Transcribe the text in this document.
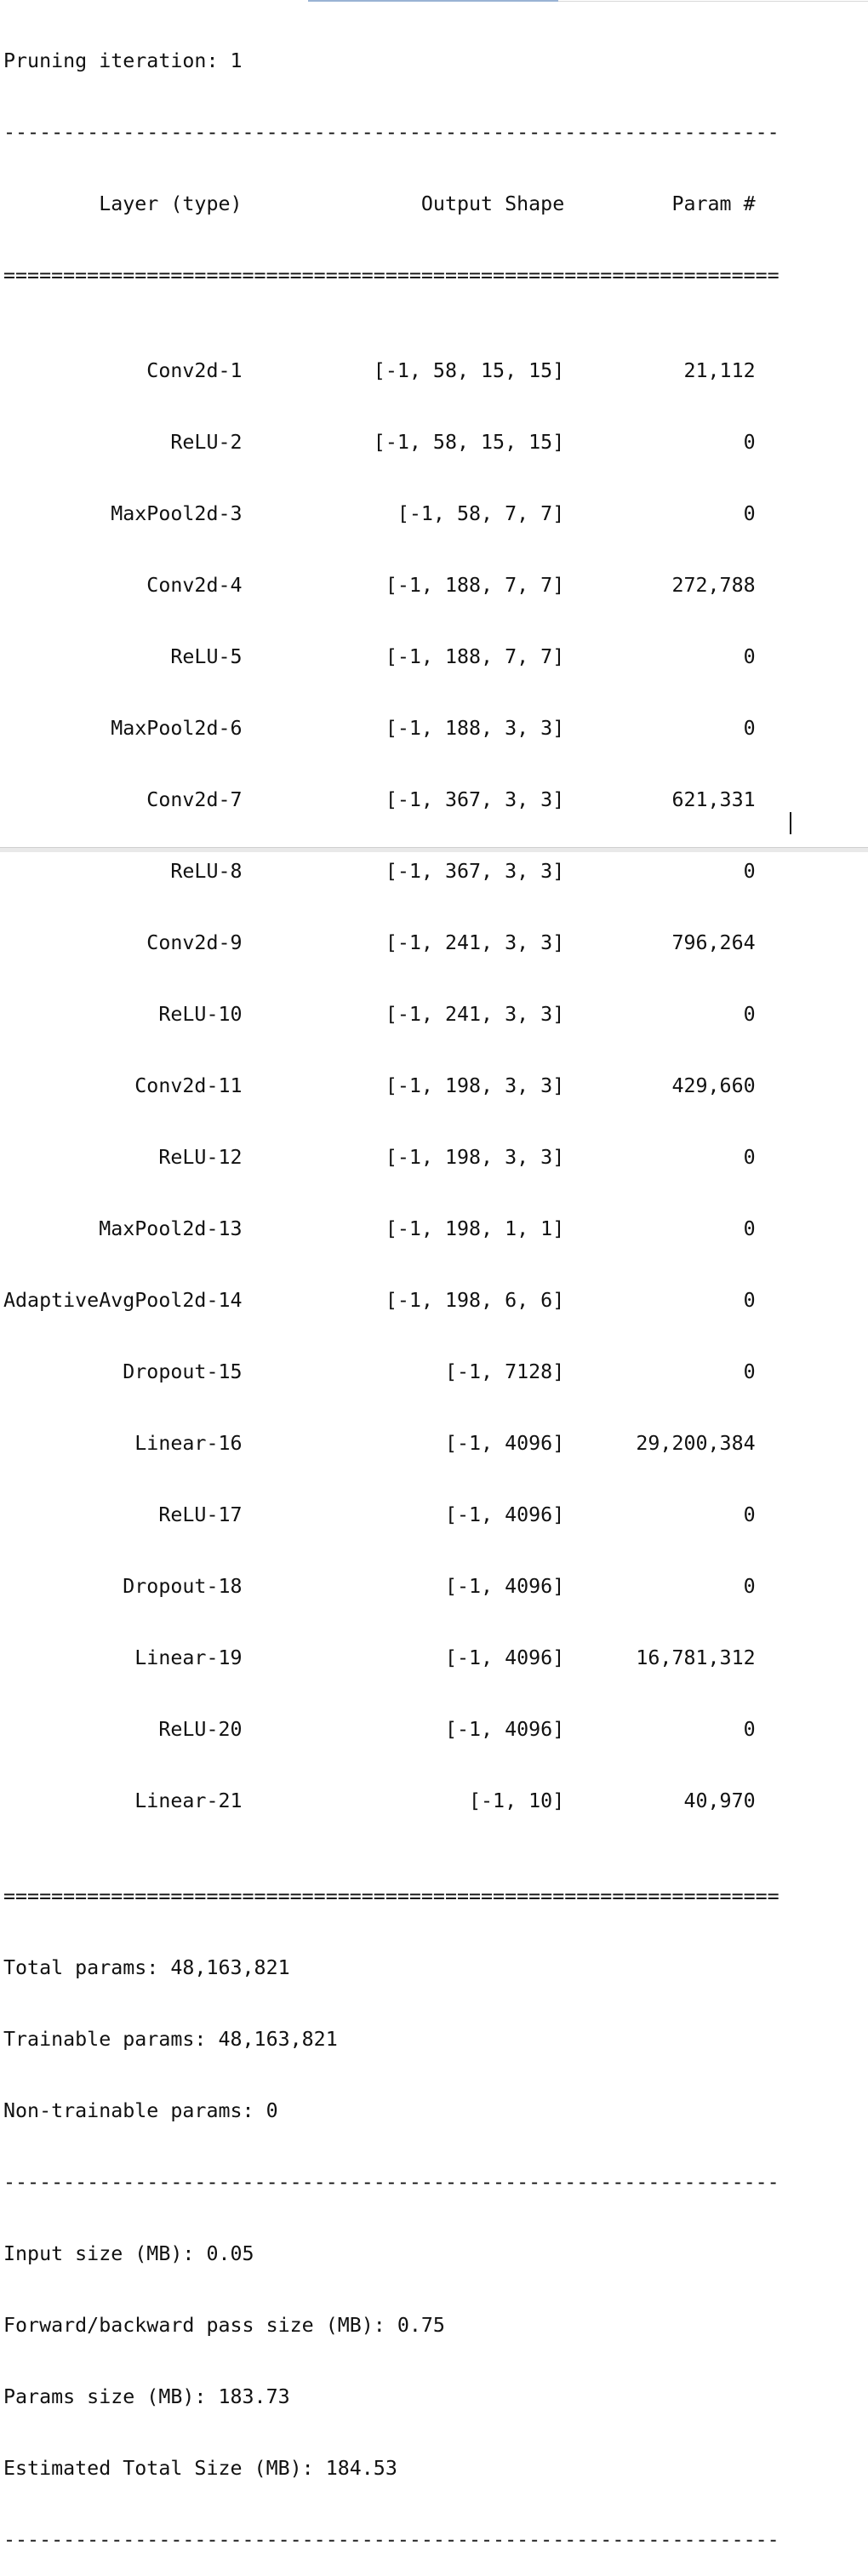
Pruning iteration: 1

-----------------------------------------------------------------

Layer (type)               Output Shape         Param #

=================================================================

Conv2d-1           [-1, 58, 15, 15]          21,112

ReLU-2           [-1, 58, 15, 15]               0

MaxPool2d-3             [-1, 58, 7, 7]               0

Conv2d-4            [-1, 188, 7, 7]         272,788

ReLU-5            [-1, 188, 7, 7]               0

MaxPool2d-6            [-1, 188, 3, 3]               0

Conv2d-7            [-1, 367, 3, 3]         621,331

ReLU-8            [-1, 367, 3, 3]               0

Conv2d-9            [-1, 241, 3, 3]         796,264

ReLU-10            [-1, 241, 3, 3]               0

Conv2d-11            [-1, 198, 3, 3]         429,660

ReLU-12            [-1, 198, 3, 3]               0

MaxPool2d-13            [-1, 198, 1, 1]               0

AdaptiveAvgPool2d-14            [-1, 198, 6, 6]               0

Dropout-15                 [-1, 7128]               0

Linear-16                 [-1, 4096]      29,200,384

ReLU-17                 [-1, 4096]               0

Dropout-18                 [-1, 4096]               0

Linear-19                 [-1, 4096]      16,781,312

ReLU-20                 [-1, 4096]               0

Linear-21                   [-1, 10]          40,970

=================================================================

Total params: 48,163,821

Trainable params: 48,163,821

Non-trainable params: 0

-----------------------------------------------------------------

Input size (MB): 0.05

Forward/backward pass size (MB): 0.75

Params size (MB): 183.73

Estimated Total Size (MB): 184.53

-----------------------------------------------------------------
